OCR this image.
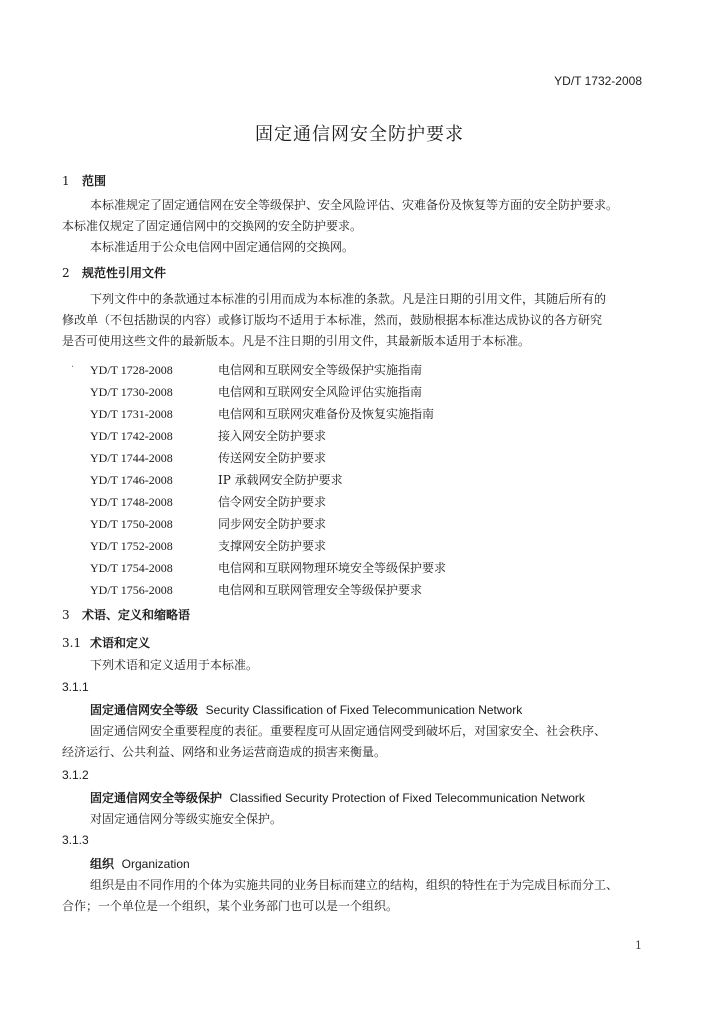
YD/T 1732-2008
固定通信网安全防护要求
1 范围
本标准规定了固定通信网在安全等级保护、安全风险评估、灾难备份及恢复等方面的安全防护要求。
本标准仅规定了固定通信网中的交换网的安全防护要求。
本标准适用于公众电信网中固定通信网的交换网。
2 规范性引用文件
下列文件中的条款通过本标准的引用而成为本标准的条款。凡是注日期的引用文件，其随后所有的
修改单（不包括勘误的内容）或修订版均不适用于本标准，然而，鼓励根据本标准达成协议的各方研究
是否可使用这些文件的最新版本。凡是不注日期的引用文件，其最新版本适用于本标准。
· YD/T 1728-2008	电信网和互联网安全等级保护实施指南
YD/T 1730-2008	电信网和互联网安全风险评估实施指南
YD/T 1731-2008	电信网和互联网灾难备份及恢复实施指南
YD/T 1742-2008	接入网安全防护要求
YD/T 1744-2008	传送网安全防护要求
YD/T 1746-2008	IP 承载网安全防护要求
YD/T 1748-2008	信令网安全防护要求
YD/T 1750-2008	同步网安全防护要求
YD/T 1752-2008	支撑网安全防护要求
YD/T 1754-2008	电信网和互联网物理环境安全等级保护要求
YD/T 1756-2008	电信网和互联网管理安全等级保护要求
3 术语、定义和缩略语
3.1 术语和定义
下列术语和定义适用于本标准。
3.1.1
固定通信网安全等级 Security Classification of Fixed Telecommunication Network
固定通信网安全重要程度的表征。重要程度可从固定通信网受到破坏后，对国家安全、社会秩序、
经济运行、公共利益、网络和业务运营商造成的损害来衡量。
3.1.2
固定通信网安全等级保护 Classified Security Protection of Fixed Telecommunication Network
对固定通信网分等级实施安全保护。
3.1.3
组织 Organization
组织是由不同作用的个体为实施共同的业务目标而建立的结构，组织的特性在于为完成目标而分工、
合作；一个单位是一个组织，某个业务部门也可以是一个组织。
1
